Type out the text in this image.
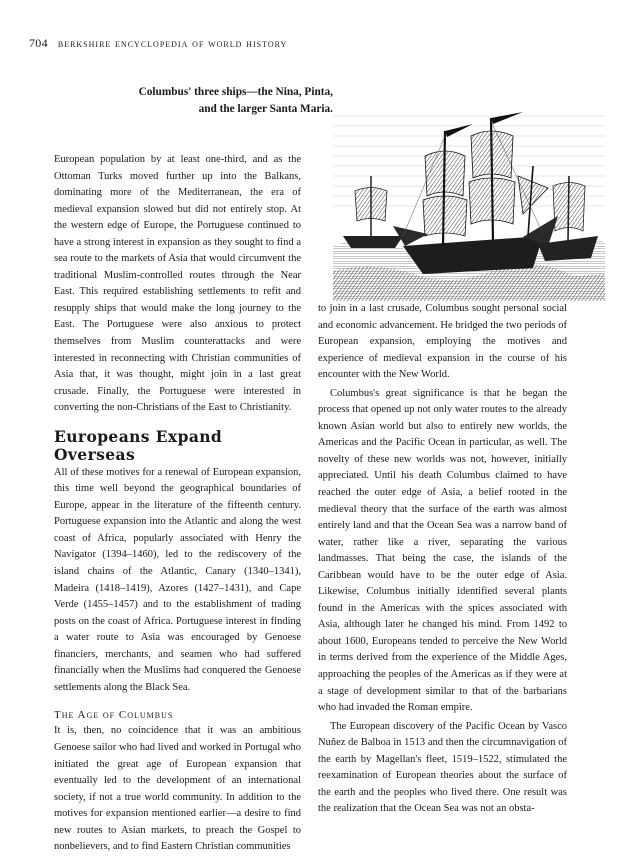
704 berkshire encyclopedia of world history
Columbus' three ships—the Nina, Pinta, and the larger Santa Maria.

European population by at least one-third, and as the Ottoman Turks moved further up into the Balkans, dominating more of the Mediterranean, the era of medieval expansion slowed but did not entirely stop. At the western edge of Europe, the Portuguese continued to have a strong interest in expansion as they sought to find a sea route to the markets of Asia that would circumvent the traditional Muslim-controlled routes through the Near East. This required establishing settlements to refit and resupply ships that would make the long journey to the East. The Portuguese were also anxious to protect themselves from Muslim counterattacks and were interested in reconnecting with Christian communities of Asia that, it was thought, might join in a last great crusade. Finally, the Portuguese were interested in converting the non-Christians of the East to Christianity.

Europeans Expand Overseas

All of these motives for a renewal of European expansion, this time well beyond the geographical boundaries of Europe, appear in the literature of the fifteenth century. Portuguese expansion into the Atlantic and along the west coast of Africa, popularly associated with Henry the Navigator (1394–1460), led to the rediscovery of the island chains of the Atlantic, Canary (1340–1341), Madeira (1418–1419), Azores (1427–1431), and Cape Verde (1455–1457) and to the establishment of trading posts on the coast of Africa. Portuguese interest in finding a water route to Asia was encouraged by Genoese financiers, merchants, and seamen who had suffered financially when the Muslims had conquered the Genoese settlements along the Black Sea.

The Age of Columbus

It is, then, no coincidence that it was an ambitious Genoese sailor who had lived and worked in Portugal who initiated the great age of European expansion that eventually led to the development of an international society, if not a true world community. In addition to the motives for expansion mentioned earlier—a desire to find new routes to Asian markets, to preach the Gospel to nonbelievers, and to find Eastern Christian communities

to join in a last crusade, Columbus sought personal social and economic advancement. He bridged the two periods of European expansion, employing the motives and experience of medieval expansion in the course of his encounter with the New World.

Columbus's great significance is that he began the process that opened up not only water routes to the already known Asian world but also to entirely new worlds, the Americas and the Pacific Ocean in particular, as well. The novelty of these new worlds was not, however, initially appreciated. Until his death Columbus claimed to have reached the outer edge of Asia, a belief rooted in the medieval theory that the surface of the earth was almost entirely land and that the Ocean Sea was a narrow band of water, rather like a river, separating the various landmasses. That being the case, the islands of the Caribbean would have to be the outer edge of Asia. Likewise, Columbus initially identified several plants found in the Americas with the spices associated with Asia, although later he changed his mind. From 1492 to about 1600, Europeans tended to perceive the New World in terms derived from the experience of the Middle Ages, approaching the peoples of the Americas as if they were at a stage of development similar to that of the barbarians who had invaded the Roman empire.

The European discovery of the Pacific Ocean by Vasco Nuñez de Balboa in 1513 and then the circumnavigation of the earth by Magellan's fleet, 1519–1522, stimulated the reexamination of European theories about the surface of the earth and the peoples who lived there. One result was the realization that the Ocean Sea was not an obsta-
